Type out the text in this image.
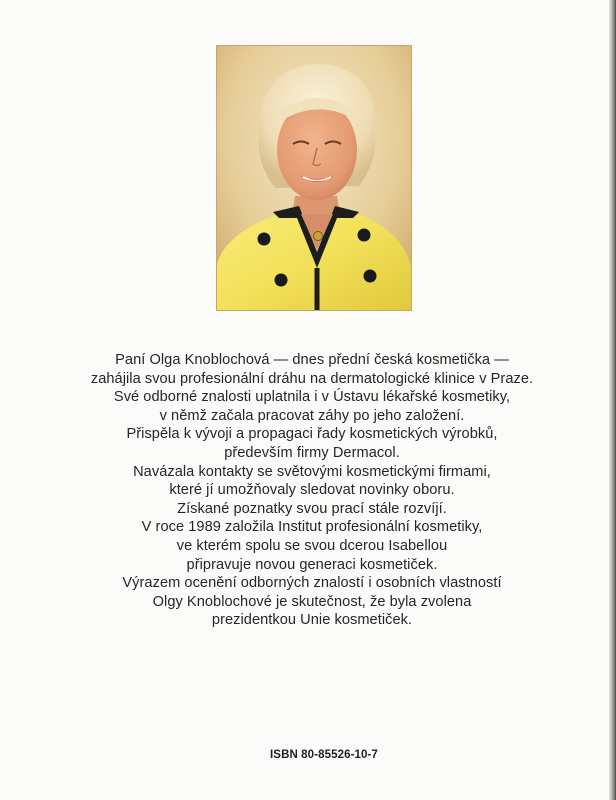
Paní Olga Knoblochová — dnes přední česká kosmetička —
zahájila svou profesionální dráhu na dermatologické klinice v Praze.
Své odborné znalosti uplatnila i v Ústavu lékařské kosmetiky,
v němž začala pracovat záhy po jeho založení.
Přispěla k vývoji a propagaci řady kosmetických výrobků,
především firmy Dermacol.
Navázala kontakty se světovými kosmetickými firmami,
které jí umožňovaly sledovat novinky oboru.
Získané poznatky svou prací stále rozvíjí.
V roce 1989 založila Institut profesionální kosmetiky,
ve kterém spolu se svou dcerou Isabellou
připravuje novou generaci kosmetiček.
Výrazem ocenění odborných znalostí i osobních vlastností
Olgy Knoblochové je skutečnost, že byla zvolena
prezidentkou Unie kosmetiček.
ISBN 80-85526-10-7
